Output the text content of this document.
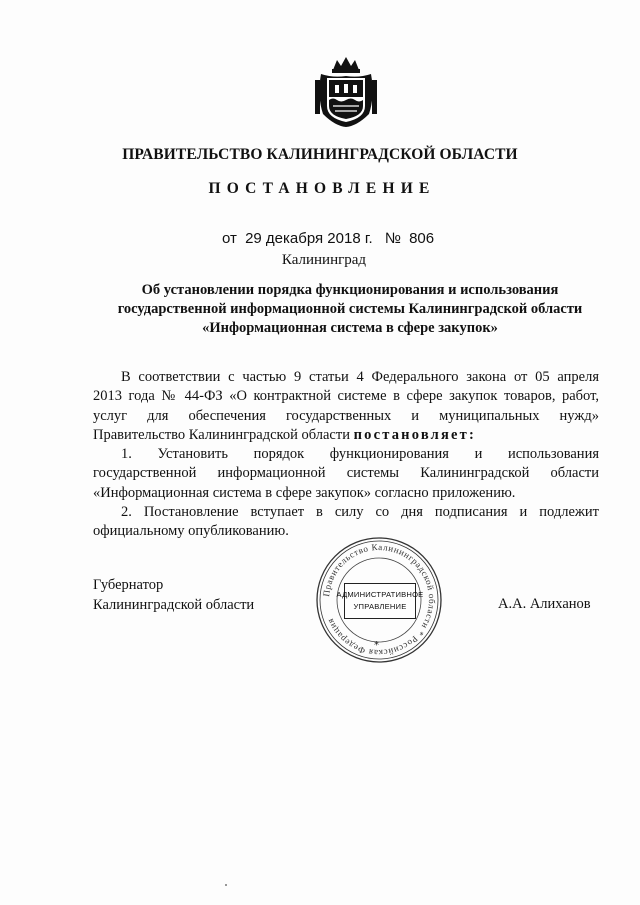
ПРАВИТЕЛЬСТВО КАЛИНИНГРАДСКОЙ ОБЛАСТИ
ПОСТАНОВЛЕНИЕ
от 29 декабря 2018 г. № 806
Калининград
Об установлении порядка функционирования и использования
государственной информационной системы Калининградской области
«Информационная система в сфере закупок»
В соответствии с частью 9 статьи 4 Федерального закона от 05 апреля
2013 года № 44-ФЗ «О контрактной системе в сфере закупок товаров, работ,
услуг для обеспечения государственных и муниципальных нужд»
Правительство Калининградской области постановляет:
1. Установить порядок функционирования и использования
государственной информационной системы Калининградской области
«Информационная система в сфере закупок» согласно приложению.
2. Постановление вступает в силу со дня подписания и подлежит
официальному опубликованию.
Губернатор
Калининградской области
Правительство Калининградской области * Российская Федерация
АДМИНИСТРАТИВНОЕ
УПРАВЛЕНИЕ
*
А.А. Алиханов
